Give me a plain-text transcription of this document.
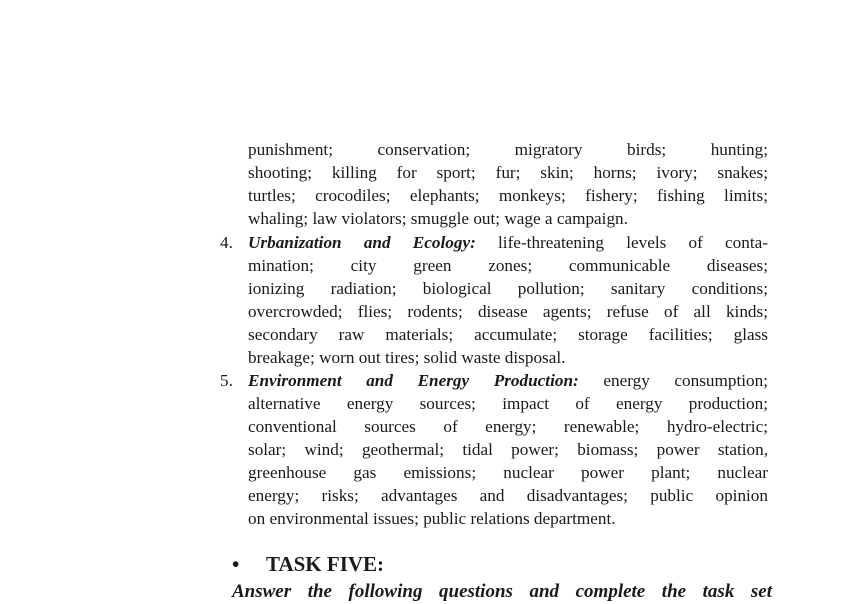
punishment; conservation; migratory birds; hunting;
shooting; killing for sport; fur; skin; horns; ivory; snakes;
turtles; crocodiles; elephants; monkeys; fishery; fishing limits;
whaling; law violators; smuggle out; wage a campaign.
4. Urbanization and Ecology: life-threatening levels of conta-
mination; city green zones; communicable diseases;
ionizing radiation; biological pollution; sanitary conditions;
overcrowded; flies; rodents; disease agents; refuse of all kinds;
secondary raw materials; accumulate; storage facilities; glass
breakage; worn out tires; solid waste disposal.
5. Environment and Energy Production: energy consumption;
alternative energy sources; impact of energy production;
conventional sources of energy; renewable; hydro-electric;
solar; wind; geothermal; tidal power; biomass; power station,
greenhouse gas emissions; nuclear power plant; nuclear
energy; risks; advantages and disadvantages; public opinion
on environmental issues; public relations department.
• TASK FIVE:
Answer the following questions and complete the task set
